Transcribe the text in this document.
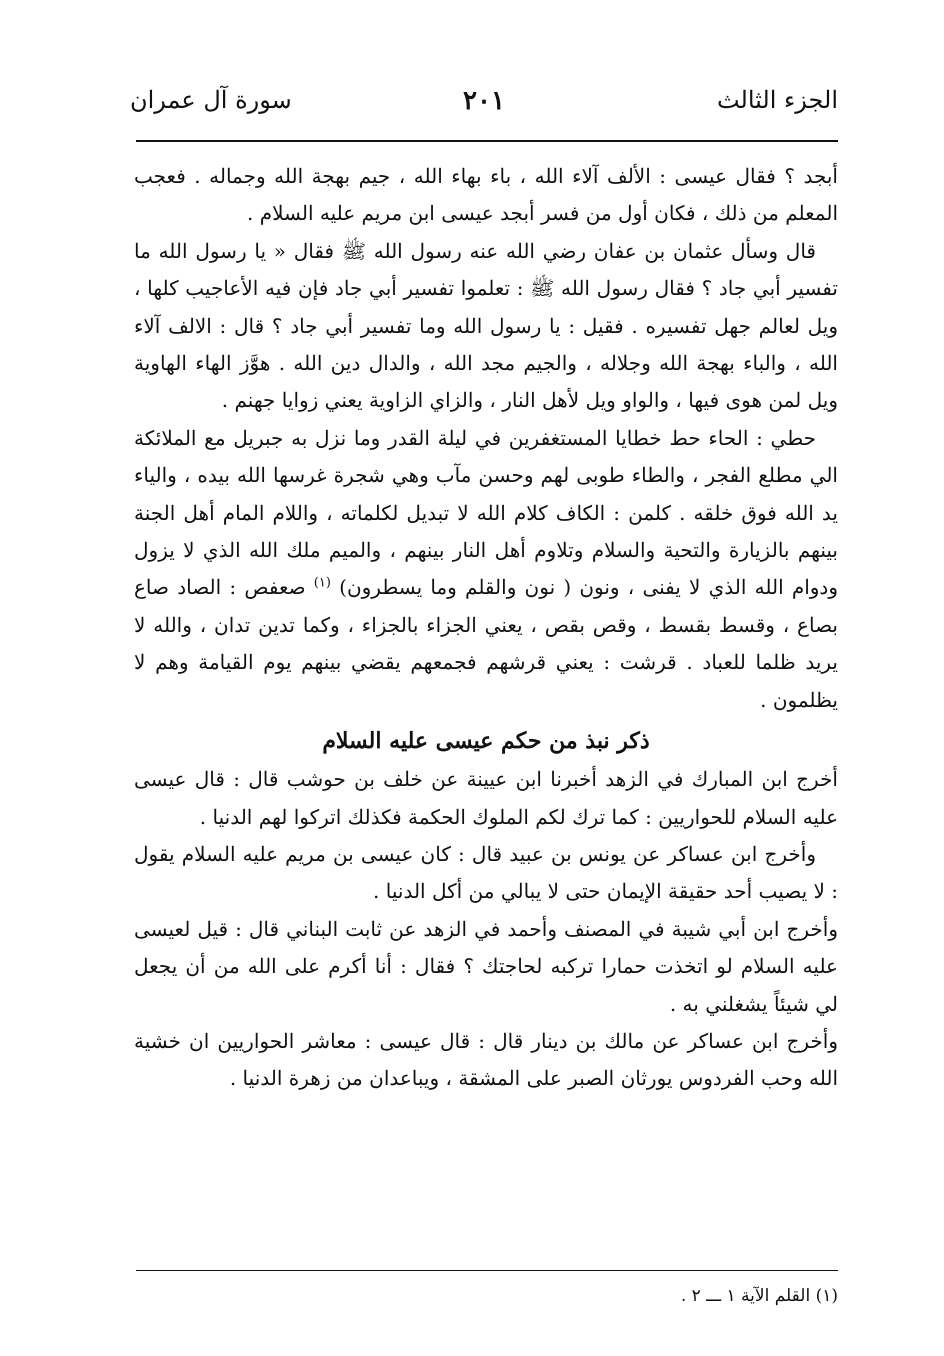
الجزء الثالث
٢٠١
سورة آل عمران

أبجد ؟ فقال عيسى : الألف آلاء الله ، باء بهاء الله ، جيم بهجة الله وجماله . فعجب المعلم من ذلك ، فكان أول من فسر أبجد عيسى ابن مريم عليه السلام .

قال وسأل عثمان بن عفان رضي الله عنه رسول الله ﷺ فقال « يا رسول الله ما تفسير أبي جاد ؟ فقال رسول الله ﷺ : تعلموا تفسير أبي جاد فإن فيه الأعاجيب كلها ، ويل لعالم جهل تفسيره . فقيل : يا رسول الله وما تفسير أبي جاد ؟ قال : الالف آلاء الله ، والباء بهجة الله وجلاله ، والجيم مجد الله ، والدال دين الله . هوَّز الهاء الهاوية ويل لمن هوى فيها ، والواو ويل لأهل النار ، والزاي الزاوية يعني زوايا جهنم .

حطي : الحاء حط خطايا المستغفرين في ليلة القدر وما نزل به جبريل مع الملائكة الي مطلع الفجر ، والطاء طوبى لهم وحسن مآب وهي شجرة غرسها الله بيده ، والياء يد الله فوق خلقه . كلمن : الكاف كلام الله لا تبديل لكلماته ، واللام المام أهل الجنة بينهم بالزيارة والتحية والسلام وتلاوم أهل النار بينهم ، والميم ملك الله الذي لا يزول ودوام الله الذي لا يفنى ، ونون ( نون والقلم وما يسطرون) $^{(١)}$ صعفص : الصاد صاع بصاع ، وقسط بقسط ، وقص بقص ، يعني الجزاء بالجزاء ، وكما تدين تدان ، والله لا يريد ظلما للعباد . قرشت : يعني قرشهم فجمعهم يقضي بينهم يوم القيامة وهم لا يظلمون .

ذكر نبذ من حكم عيسى عليه السلام

أخرج ابن المبارك في الزهد أخبرنا ابن عيينة عن خلف بن حوشب قال : قال عيسى عليه السلام للحواريين : كما ترك لكم الملوك الحكمة فكذلك اتركوا لهم الدنيا .

وأخرج ابن عساكر عن يونس بن عبيد قال : كان عيسى بن مريم عليه السلام يقول : لا يصيب أحد حقيقة الإيمان حتى لا يبالي من أكل الدنيا .

وأخرج ابن أبي شيبة في المصنف وأحمد في الزهد عن ثابت البناني قال : قيل لعيسى عليه السلام لو اتخذت حمارا تركبه لحاجتك ؟ فقال : أنا أكرم على الله من أن يجعل لي شيئاً يشغلني به .

وأخرج ابن عساكر عن مالك بن دينار قال : قال عيسى : معاشر الحواريين ان خشية الله وحب الفردوس يورثان الصبر على المشقة ، ويباعدان من زهرة الدنيا .

(١) القلم الآية ١ ـــ ٢ .
